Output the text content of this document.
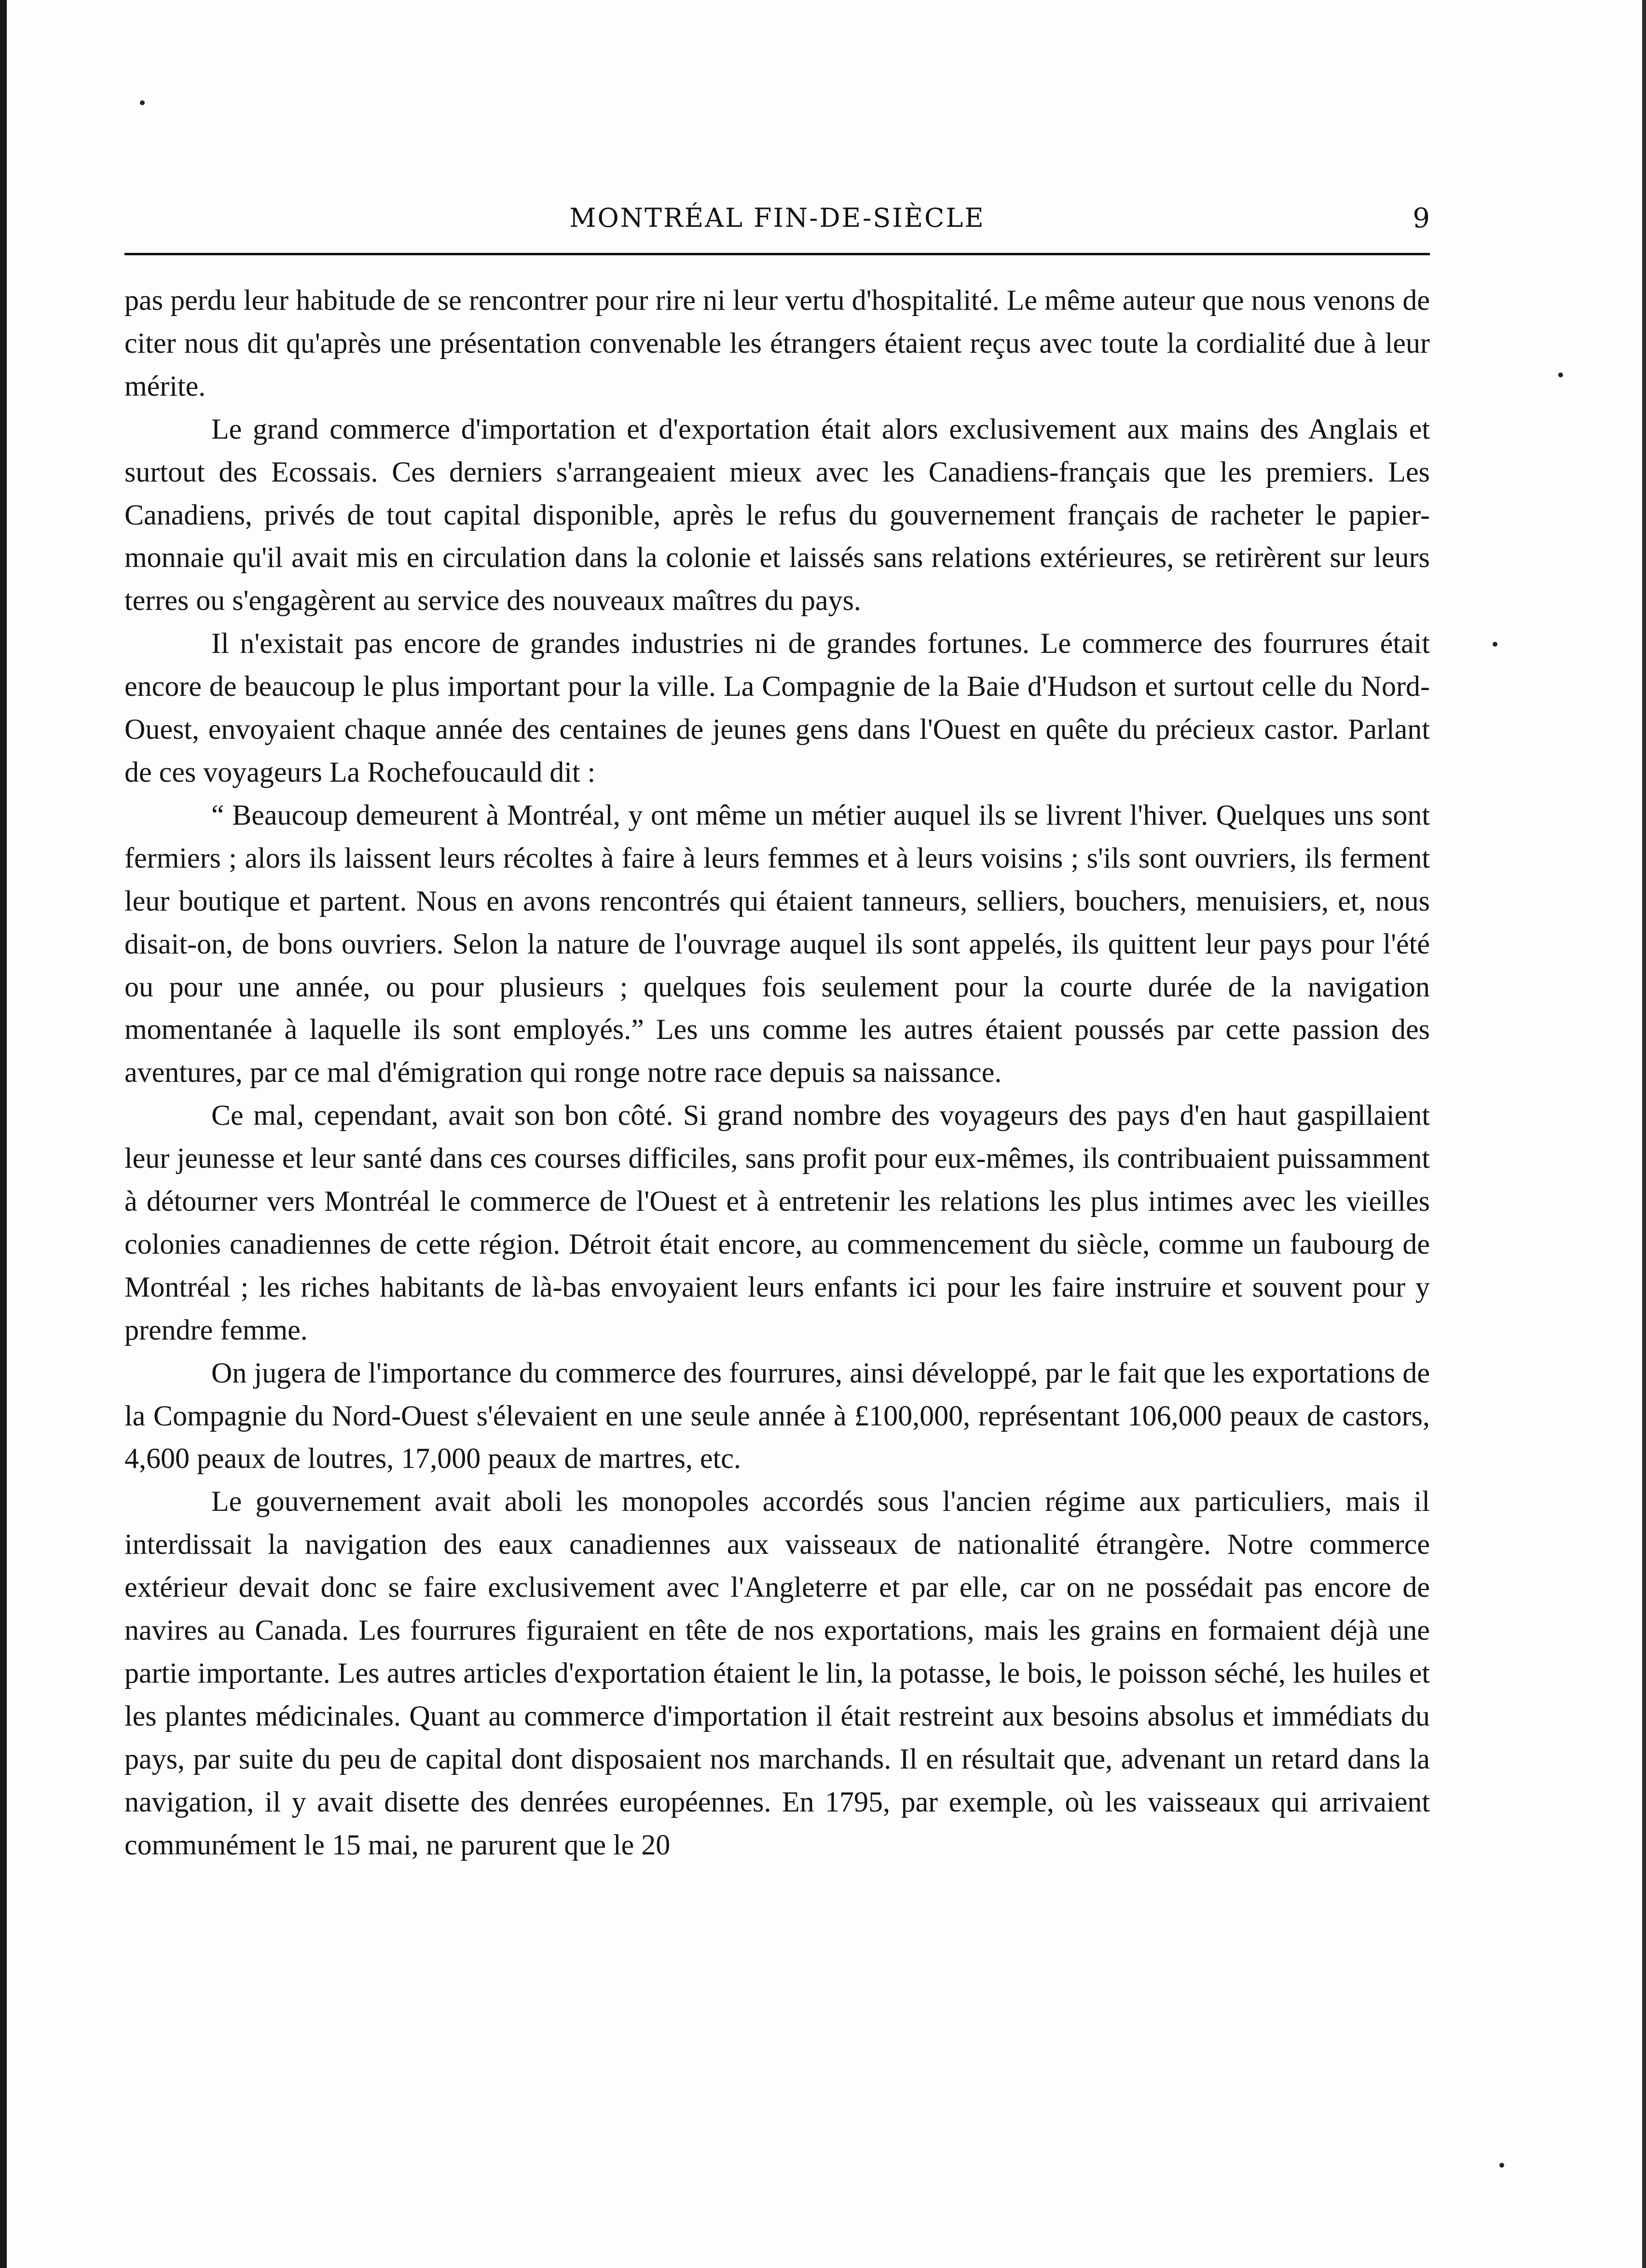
MONTRÉAL FIN-DE-SIÈCLE	9

pas perdu leur habitude de se rencontrer pour rire ni leur vertu d'hospitalité. Le même auteur que nous venons de citer nous dit qu'après une présentation convenable les étrangers étaient reçus avec toute la cordialité due à leur mérite.

Le grand commerce d'importation et d'exportation était alors exclusivement aux mains des Anglais et surtout des Ecossais. Ces derniers s'arrangeaient mieux avec les Canadiens-français que les premiers. Les Canadiens, privés de tout capital disponible, après le refus du gouvernement français de racheter le papier-monnaie qu'il avait mis en circulation dans la colonie et laissés sans relations extérieures, se retirèrent sur leurs terres ou s'engagèrent au service des nouveaux maîtres du pays.

Il n'existait pas encore de grandes industries ni de grandes fortunes. Le commerce des fourrures était encore de beaucoup le plus important pour la ville. La Compagnie de la Baie d'Hudson et surtout celle du Nord-Ouest, envoyaient chaque année des centaines de jeunes gens dans l'Ouest en quête du précieux castor. Parlant de ces voyageurs La Rochefoucauld dit :

“ Beaucoup demeurent à Montréal, y ont même un métier auquel ils se livrent l'hiver. Quelques uns sont fermiers ; alors ils laissent leurs récoltes à faire à leurs femmes et à leurs voisins ; s'ils sont ouvriers, ils ferment leur boutique et partent. Nous en avons rencontrés qui étaient tanneurs, selliers, bouchers, menuisiers, et, nous disait-on, de bons ouvriers. Selon la nature de l'ouvrage auquel ils sont appelés, ils quittent leur pays pour l'été ou pour une année, ou pour plusieurs ; quelques fois seulement pour la courte durée de la navigation momentanée à laquelle ils sont employés.” Les uns comme les autres étaient poussés par cette passion des aventures, par ce mal d'émigration qui ronge notre race depuis sa naissance.

Ce mal, cependant, avait son bon côté. Si grand nombre des voyageurs des pays d'en haut gaspillaient leur jeunesse et leur santé dans ces courses difficiles, sans profit pour eux-mêmes, ils contribuaient puissamment à détourner vers Montréal le commerce de l'Ouest et à entretenir les relations les plus intimes avec les vieilles colonies canadiennes de cette région. Détroit était encore, au commencement du siècle, comme un faubourg de Montréal ; les riches habitants de là-bas envoyaient leurs enfants ici pour les faire instruire et souvent pour y prendre femme.

On jugera de l'importance du commerce des fourrures, ainsi développé, par le fait que les exportations de la Compagnie du Nord-Ouest s'élevaient en une seule année à £100,000, représentant 106,000 peaux de castors, 4,600 peaux de loutres, 17,000 peaux de martres, etc.

Le gouvernement avait aboli les monopoles accordés sous l'ancien régime aux particuliers, mais il interdissait la navigation des eaux canadiennes aux vaisseaux de nationalité étrangère. Notre commerce extérieur devait donc se faire exclusivement avec l'Angleterre et par elle, car on ne possédait pas encore de navires au Canada. Les fourrures figuraient en tête de nos exportations, mais les grains en formaient déjà une partie importante. Les autres articles d'exportation étaient le lin, la potasse, le bois, le poisson séché, les huiles et les plantes médicinales. Quant au commerce d'importation il était restreint aux besoins absolus et immédiats du pays, par suite du peu de capital dont disposaient nos marchands. Il en résultait que, advenant un retard dans la navigation, il y avait disette des denrées européennes. En 1795, par exemple, où les vaisseaux qui arrivaient communément le 15 mai, ne parurent que le 20
